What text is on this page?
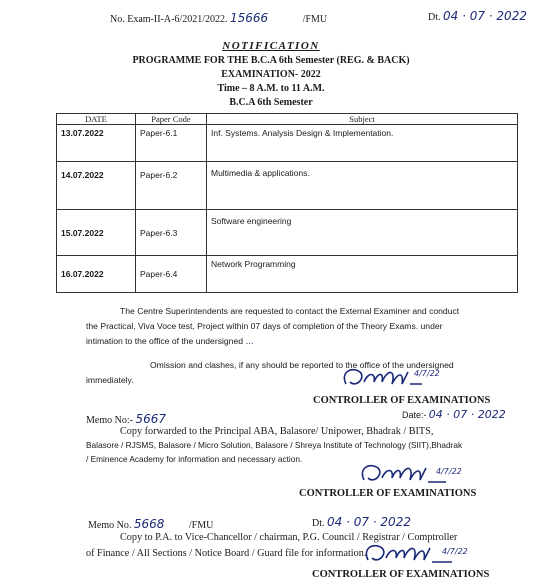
No. Exam-II-A-6/2021/2022. 15666	/FMU	Dt. 04 · 07 · 2022
NOTIFICATION
PROGRAMME FOR THE B.C.A 6th Semester (REG. & BACK)
EXAMINATION- 2022
Time – 8 A.M. to 11 A.M.
B.C.A 6th Semester
DATE	Paper Code	Subject
13.07.2022	Paper-6.1	Inf. Systems. Analysis Design & Implementation.
14.07.2022	Paper-6.2	Multimedia & applications.
15.07.2022	Paper-6.3	Software engineering
16.07.2022	Paper-6.4	Network Programming
The Centre Superintendents are requested to contact the External Examiner and conduct
the Practical, Viva Voce test, Project within 07 days of completion of the Theory Exams. under
intimation to the office of the undersigned …
Omission and clashes, if any should be reported to the office of the undersigned
immediately.
4/7/22
CONTROLLER OF EXAMINATIONS
Memo No:- 5667	Date:- 04 · 07 · 2022
Copy forwarded to the Principal ABA, Balasore/ Unipower, Bhadrak / BITS,
Balasore / RJSMS, Balasore / Micro Solution, Balasore / Shreya Institute of Technology (SIIT),Bhadrak
/ Eminence Academy for information and necessary action.
4/7/22
CONTROLLER OF EXAMINATIONS
Memo No. 5668 /FMU	Dt. 04 · 07 · 2022
Copy to P.A. to Vice-Chancellor / chairman, P.G. Council / Registrar / Comptroller
of Finance / All Sections / Notice Board / Guard file for information.	4/7/22
CONTROLLER OF EXAMINATIONS
